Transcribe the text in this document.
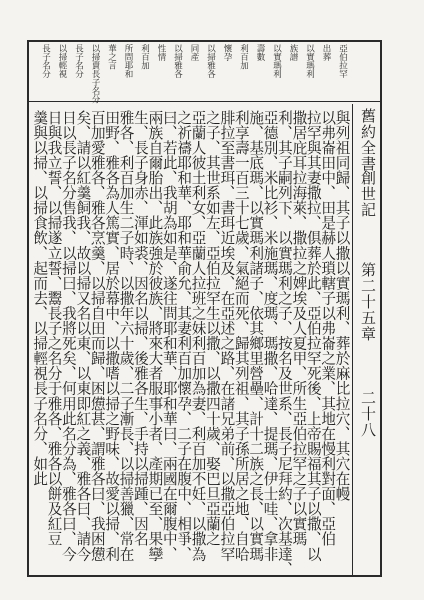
舊約全書
創世記
第二十五章
二十八
亞伯拉罕
出葬
以實瑪利
族譜
以實瑪利
壽數
利百加
懷孕
以掃雅各
同產
以掃雅各
性情
利百加
所問耶和
華之言
以掃賣長子名分
長子名分
以掃輕視
長子名分
與列祖同歸、其子以撒以實瑪利、葬於麻比拉穴、其穴在幔
以弗崙田中、田是赫人瑣轄子以弗崙之業、其地在慢利對面、亞伯
拉罕與其妻撒拉、俱葬於此、亞伯拉罕死後、上帝賜福其子以撒、以
撒居庇耳拉海萊、撒拉之婢埃及人夏甲、所生亞伯拉罕之子以實瑪
利、其子嗣列下、以實瑪利之子、按名及世系、長子尼拜約、次基達、
亞德別、米比衫、米施瑪、度瑪、瑪撒、哈達、提瑪、伊士哇、拿非
施、基底瑪、以實瑪利諸子、依其鄉里營壘、計十二族之長、以實瑪
利享壽一百三十七歲、氣絕而死、歸其列祖、其子孫所居之地、自哈
腓拉至書珥、書珥近埃及、在亞述之路、在諸兄弟前、以撒亞伯拉罕
之子、其世系如左、亞伯拉罕生以撒、以撒四十歲、娶巴旦亞蘭之
亞蘭人彼土利女、亞蘭人拉班之妹利百加為妻、利百加不妊、以撒為
之祈禱耶和華、耶和華俞允、其妻利百加懷孕、二子在腹中、相爭、
曰、若此、我胡為如是、遂往問耶和華、耶和華曰、兩國在爾腹中、
兩族自爾胎出、此族強於彼族、將來大者服事小者、產期已至、果孿
生、長子身赤、渾如裘、因名以掃、後雅各生、手持以掃踵、因名
雅各、利百加生二子時、以撒年六十歲、二子漸長、以掃善獵、常在
田野、雅各為人篤實、居於幕中、以撒嗜以掃之野味、故愛以掃、利
百加愛雅各、雅各烹羹、以掃自田而歸、困憊甚、謂雅各曰、我困憊
矣、請以紅羹飼我、故以掃又名以東、以東即紅之義、雅各曰、請今
日以長子名分售我、以掃曰、我將死矣、何用此名分為、雅各曰、今
日與我立誓、以掃遂立誓、鬻長子之名分于雅各、雅各以餅及紅豆
羹與以掃、以掃食飲、起而去、以掃輕視長子名分、如此
